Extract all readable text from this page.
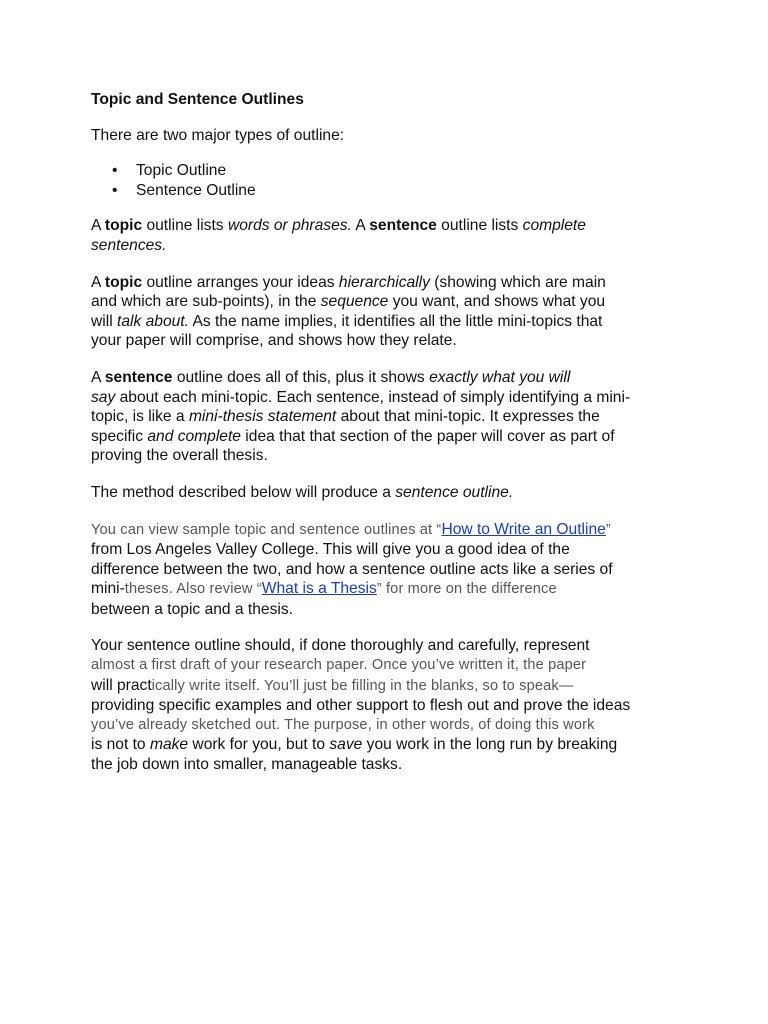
Topic and Sentence Outlines

There are two major types of outline:

• Topic Outline
• Sentence Outline

A topic outline lists words or phrases. A sentence outline lists complete
sentences.

A topic outline arranges your ideas hierarchically (showing which are main
and which are sub-points), in the sequence you want, and shows what you
will talk about. As the name implies, it identifies all the little mini-topics that
your paper will comprise, and shows how they relate.

A sentence outline does all of this, plus it shows exactly what you will
say about each mini-topic. Each sentence, instead of simply identifying a mini-
topic, is like a mini-thesis statement about that mini-topic. It expresses the
specific and complete idea that that section of the paper will cover as part of
proving the overall thesis.

The method described below will produce a sentence outline.

You can view sample topic and sentence outlines at “How to Write an Outline”
from Los Angeles Valley College. This will give you a good idea of the
difference between the two, and how a sentence outline acts like a series of
mini-theses. Also review “What is a Thesis” for more on the difference
between a topic and a thesis.

Your sentence outline should, if done thoroughly and carefully, represent
almost a first draft of your research paper. Once you’ve written it, the paper
will practically write itself. You’ll just be filling in the blanks, so to speak—
providing specific examples and other support to flesh out and prove the ideas
you’ve already sketched out. The purpose, in other words, of doing this work
is not to make work for you, but to save you work in the long run by breaking
the job down into smaller, manageable tasks.
